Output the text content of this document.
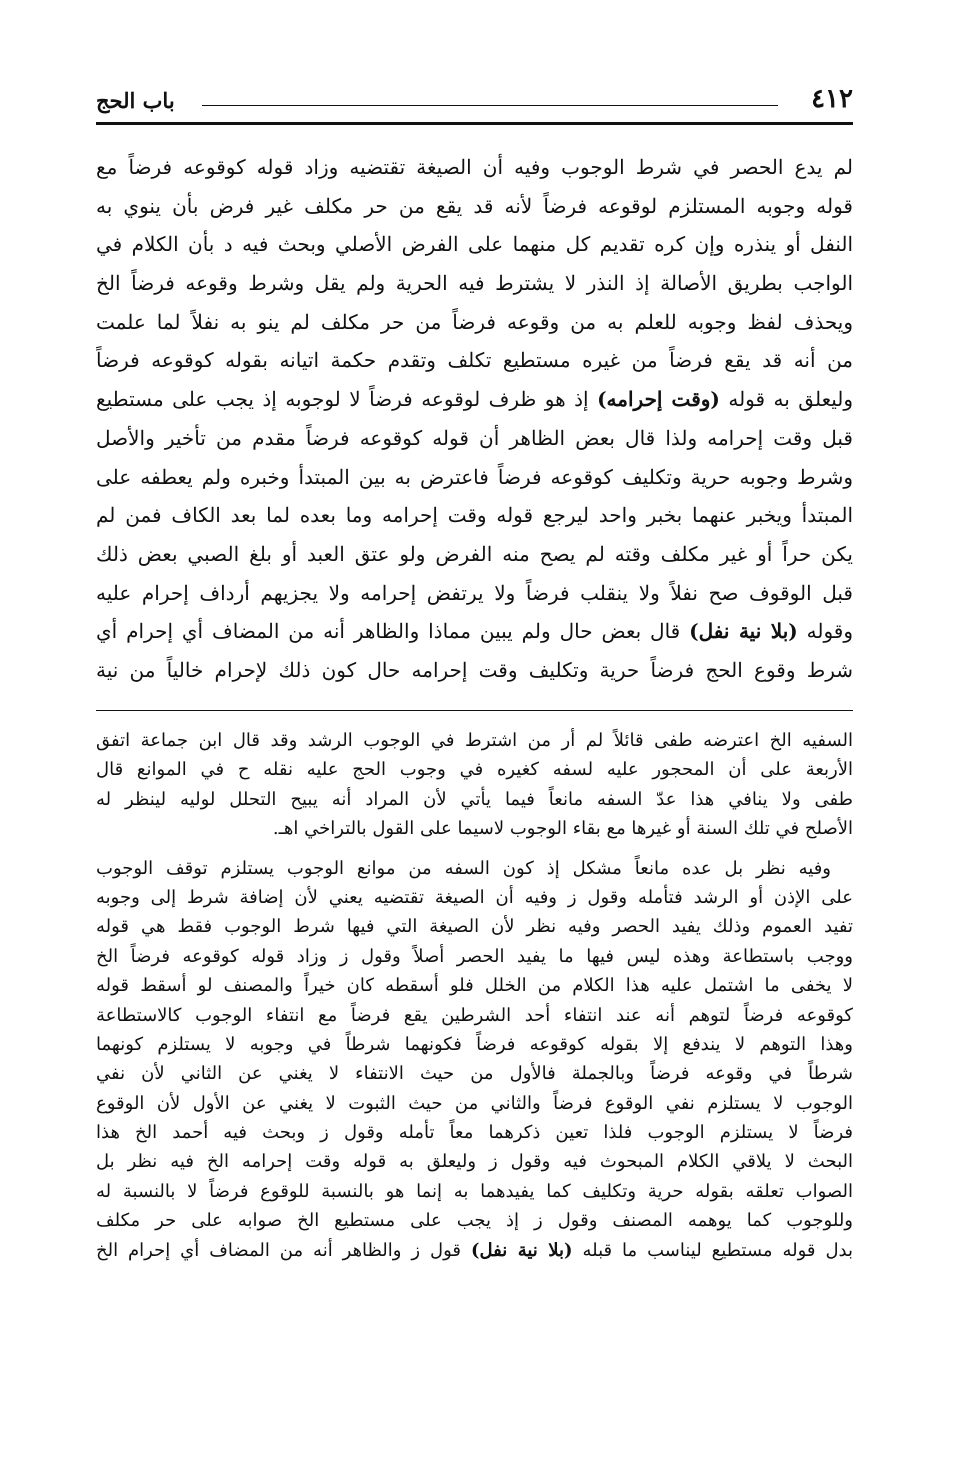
٤١٢
باب الحج
لم يدع الحصر في شرط الوجوب وفيه أن الصيغة تقتضيه وزاد قوله كوقوعه فرضاً مع
قوله وجوبه المستلزم لوقوعه فرضاً لأنه قد يقع من حر مكلف غير فرض بأن ينوي به
النفل أو ينذره وإن كره تقديم كل منهما على الفرض الأصلي وبحث فيه د بأن الكلام في
الواجب بطريق الأصالة إذ النذر لا يشترط فيه الحرية ولم يقل وشرط وقوعه فرضاً الخ
ويحذف لفظ وجوبه للعلم به من وقوعه فرضاً من حر مكلف لم ينو به نفلاً لما علمت
من أنه قد يقع فرضاً من غيره مستطيع تكلف وتقدم حكمة اتيانه بقوله كوقوعه فرضاً
وليعلق به قوله (وقت إحرامه) إذ هو ظرف لوقوعه فرضاً لا لوجوبه إذ يجب على مستطيع
قبل وقت إحرامه ولذا قال بعض الظاهر أن قوله كوقوعه فرضاً مقدم من تأخير والأصل
وشرط وجوبه حرية وتكليف كوقوعه فرضاً فاعترض به بين المبتدأ وخبره ولم يعطفه على
المبتدأ ويخبر عنهما بخبر واحد ليرجع قوله وقت إحرامه وما بعده لما بعد الكاف فمن لم
يكن حراً أو غير مكلف وقته لم يصح منه الفرض ولو عتق العبد أو بلغ الصبي بعض ذلك
قبل الوقوف صح نفلاً ولا ينقلب فرضاً ولا يرتفض إحرامه ولا يجزيهم أرداف إحرام عليه
وقوله (بلا نية نفل) قال بعض حال ولم يبين مماذا والظاهر أنه من المضاف أي إحرام أي
شرط وقوع الحج فرضاً حرية وتكليف وقت إحرامه حال كون ذلك لإحرام خالياً من نية
السفيه الخ اعترضه طفى قائلاً لم أر من اشترط في الوجوب الرشد وقد قال ابن جماعة اتفق
الأربعة على أن المحجور عليه لسفه كغيره في وجوب الحج عليه نقله ح في الموانع قال
طفى ولا ينافي هذا عدّ السفه مانعاً فيما يأتي لأن المراد أنه يبيح التحلل لوليه لينظر له
الأصلح في تلك السنة أو غيرها مع بقاء الوجوب لاسيما على القول بالتراخي اهـ.
وفيه نظر بل عده مانعاً مشكل إذ كون السفه من موانع الوجوب يستلزم توقف الوجوب
على الإذن أو الرشد فتأمله وقول ز وفيه أن الصيغة تقتضيه يعني لأن إضافة شرط إلى وجوبه
تفيد العموم وذلك يفيد الحصر وفيه نظر لأن الصيغة التي فيها شرط الوجوب فقط هي قوله
ووجب باستطاعة وهذه ليس فيها ما يفيد الحصر أصلاً وقول ز وزاد قوله كوقوعه فرضاً الخ
لا يخفى ما اشتمل عليه هذا الكلام من الخلل فلو أسقطه كان خيراً والمصنف لو أسقط قوله
كوقوعه فرضاً لتوهم أنه عند انتفاء أحد الشرطين يقع فرضاً مع انتفاء الوجوب كالاستطاعة
وهذا التوهم لا يندفع إلا بقوله كوقوعه فرضاً فكونهما شرطاً في وجوبه لا يستلزم كونهما
شرطاً في وقوعه فرضاً وبالجملة فالأول من حيث الانتفاء لا يغني عن الثاني لأن نفي
الوجوب لا يستلزم نفي الوقوع فرضاً والثاني من حيث الثبوت لا يغني عن الأول لأن الوقوع
فرضاً لا يستلزم الوجوب فلذا تعين ذكرهما معاً تأمله وقول ز وبحث فيه أحمد الخ هذا
البحث لا يلاقي الكلام المبحوث فيه وقول ز وليعلق به قوله وقت إحرامه الخ فيه نظر بل
الصواب تعلقه بقوله حرية وتكليف كما يفيدهما به إنما هو بالنسبة للوقوع فرضاً لا بالنسبة له
وللوجوب كما يوهمه المصنف وقول ز إذ يجب على مستطيع الخ صوابه على حر مكلف
بدل قوله مستطيع ليناسب ما قبله (بلا نية نفل) قول ز والظاهر أنه من المضاف أي إحرام الخ
